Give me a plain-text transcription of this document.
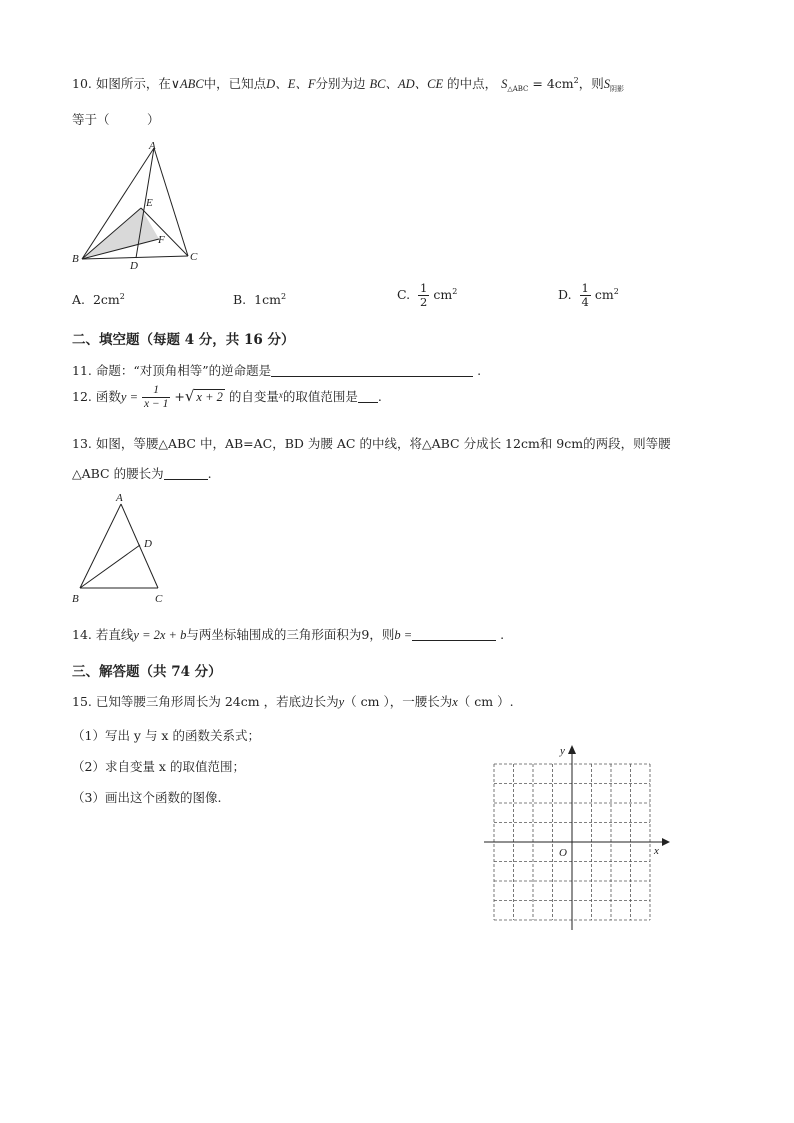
10. 如图所示，在∨ABC中，已知点D、E、F分别为边 BC、AD、CE 的中点， $S_{\triangle ABC} = 4cm^2$，则$S_{阴影}$
等于（　　　）
A
B	C
D
E
F
A. $2cm^2$	B. $1cm^2$	C. $\frac{1}{2} cm^2$	D. $\frac{1}{4} cm^2$
二、填空题（每题 4 分，共 16 分）
11. 命题：“对顶角相等”的逆命题是	.
12. 函数$y = \frac{1}{x - 1}$ +√ x + 2 的自变量$^x$的取值范围是 .
13. 如图，等腰△ABC 中，AB=AC，BD 为腰 AC 的中线，将△ABC 分成长 12cm和 9cm的两段，则等腰
△ABC 的腰长为	.
A
B	C
D
14. 若直线y = 2x + b与两坐标轴围成的三角形面积为9，则b =	.
三、解答题（共 74 分）
15. 已知等腰三角形周长为 24cm ，若底边长为y（ cm ），一腰长为x（ cm ）.
（1）写出 y 与 x 的函数关系式；
（2）求自变量 x 的取值范围；
（3）画出这个函数的图像.
x
y
O
